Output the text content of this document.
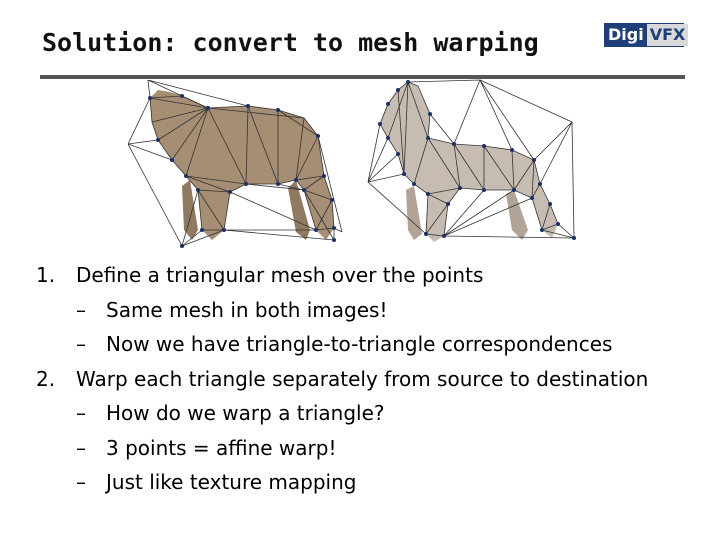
Solution: convert to mesh warping	Digi VFX
1. Define a triangular mesh over the points
– Same mesh in both images!
– Now we have triangle-to-triangle correspondences
2. Warp each triangle separately from source to destination
– How do we warp a triangle?
– 3 points = affine warp!
– Just like texture mapping
